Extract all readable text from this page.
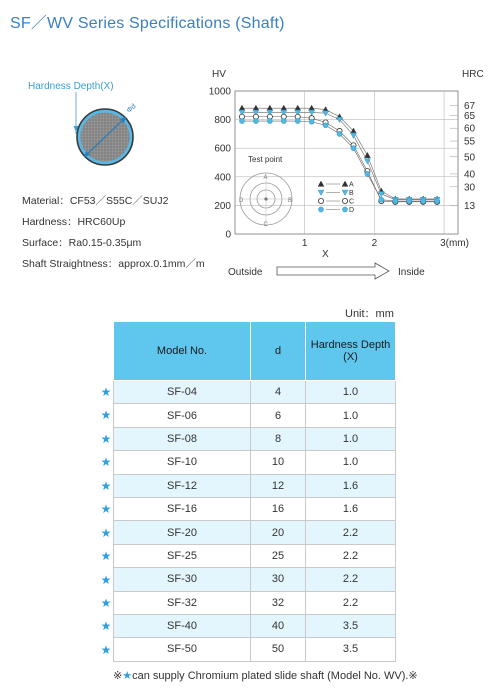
SF／WV Series Specifications (Shaft)
Hardness Depth(X)
Φd
Material：CF53／S55C／SUJ2
Hardness：HRC60Up
Surface：Ra0.15-0.35μm
Shaft Straightness：approx.0.1mm／m
HV	HRC
1000
800
600
400
200
0
67
65
60
55
50
40
30
13
1	2	3(mm)
Test point
A
B
C
D
A
B
C
D
X
Outside	Inside
Unit：mm
Model No.	d	Hardness Depth
(X)
SF-04	4	1.0
SF-06	6	1.0
SF-08	8	1.0
SF-10	10	1.0
SF-12	12	1.6
SF-16	16	1.6
SF-20	20	2.2
SF-25	25	2.2
SF-30	30	2.2
SF-32	32	2.2
SF-40	40	3.5
SF-50	50	3.5
★
★
★
★
★
★
★
★
★
★
★
★
※★can supply Chromium plated slide shaft (Model No. WV).※
